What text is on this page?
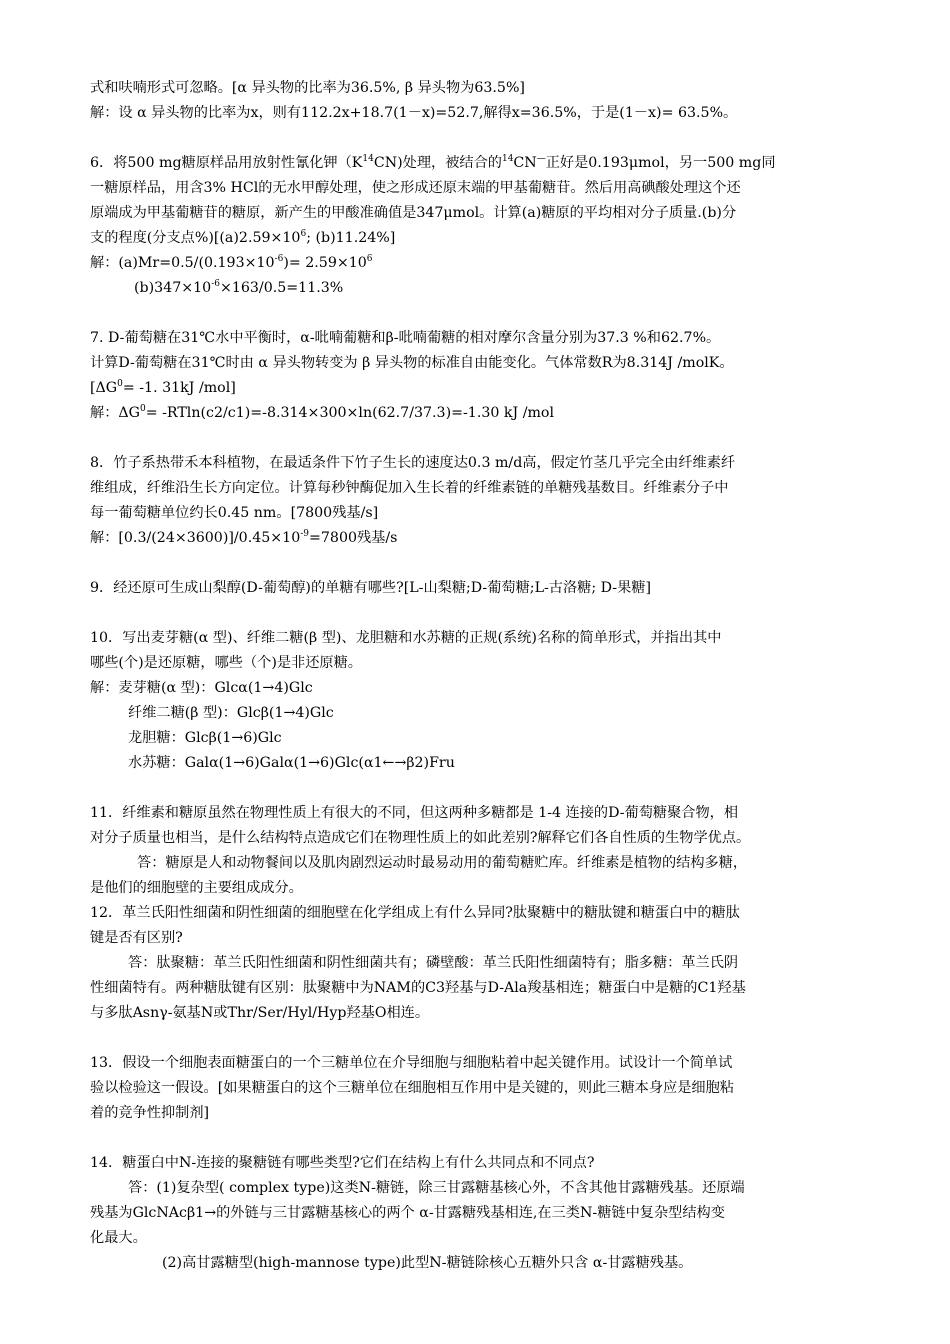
式和呋喃形式可忽略。[α 异头物的比率为36.5%, β 异头物为63.5%]
解：设 α 异头物的比率为x，则有112.2x+18.7(1－x)=52.7,解得x=36.5%，于是(1－x)= 63.5%。
6．将500 mg糖原样品用放射性氰化钾$(K^{14}CN)$处理，被结合的$^{14}$CN—正好是0.193μmol，另一500 mg同
一糖原样品，用含3% HCl的无水甲醇处理，使之形成还原末端的甲基葡糖苷。然后用高碘酸处理这个还
原端成为甲基葡糖苷的糖原，新产生的甲酸准确值是347μmol。计算(a)糖原的平均相对分子质量.(b)分
支的程度(分支点$\%)[(a)2.59\times 10^6$; (b)11.24%]
解：$(a)Mr=0.5/(0.193\times 10^{-6})= 2.59\times 10^6$
$(b)347\times 10^{-6}\times 163/0.5=11.3\%$
7. D-葡萄糖在31℃水中平衡时，α-吡喃葡糖和β-吡喃葡糖的相对摩尔含量分别为37.3 %和62.7%。
计算D-葡萄糖在31℃时由 α 异头物转变为 β 异头物的标准自由能变化。气体常数R为8.314J /molK。
[$\Delta G^0= -1$. 31kJ /mol]
解：$\Delta G^0= -RTln(c2/c1)=-8.314\times 300\times\ln(62.7/37.3)=-1.30$ kJ /mol
8．竹子系热带禾本科植物，在最适条件下竹子生长的速度达0.3 m/d高，假定竹茎几乎完全由纤维素纤
维组成，纤维沿生长方向定位。计算每秒钟酶促加入生长着的纤维素链的单糖残基数目。纤维素分子中
每一葡萄糖单位约长0.45 nm。[7800残基/s]
解：$[0.3/(24\times 3600)]/0.45\times 10^{-9}=7800$残基/s
9．经还原可生成山梨醇(D-葡萄醇)的单糖有哪些?[L-山梨糖;D-葡萄糖;L-古洛糖; D-果糖]
10．写出麦芽糖(α 型)、纤维二糖(β 型)、龙胆糖和水苏糖的正规(系统)名称的简单形式，并指出其中
哪些(个)是还原糖，哪些（个)是非还原糖。
解：麦芽糖(α 型)：Glcα(1→4)Glc
纤维二糖(β 型)：Glcβ(1→4)Glc
龙胆糖：Glcβ(1→6)Glc
水苏糖：Galα(1→6)Galα(1→6)Glc(α1←→β2)Fru
11．纤维素和糖原虽然在物理性质上有很大的不同，但这两种多糖都是 1-4 连接的D-葡萄糖聚合物，相
对分子质量也相当，是什么结构特点造成它们在物理性质上的如此差别?解释它们各自性质的生物学优点。
答：糖原是人和动物餐间以及肌肉剧烈运动时最易动用的葡萄糖贮库。纤维素是植物的结构多糖，
是他们的细胞壁的主要组成成分。
12．革兰氏阳性细菌和阴性细菌的细胞壁在化学组成上有什么异同?肽聚糖中的糖肽键和糖蛋白中的糖肽
键是否有区别?
答：肽聚糖：革兰氏阳性细菌和阴性细菌共有；磷壁酸：革兰氏阳性细菌特有；脂多糖：革兰氏阴
性细菌特有。两种糖肽键有区别：肽聚糖中为NAM的C3羟基与D-Ala羧基相连；糖蛋白中是糖的C1羟基
与多肽Asnγ-氨基N或Thr/Ser/Hyl/Hyp羟基O相连。
13．假设一个细胞表面糖蛋白的一个三糖单位在介导细胞与细胞粘着中起关键作用。试设计一个简单试
验以检验这一假设。[如果糖蛋白的这个三糖单位在细胞相互作用中是关键的，则此三糖本身应是细胞粘
着的竞争性抑制剂]
14．糖蛋白中N-连接的聚糖链有哪些类型?它们在结构上有什么共同点和不同点?
答：(1)复杂型( complex type)这类N-糖链，除三甘露糖基核心外，不含其他甘露糖残基。还原端
残基为GlcNAcβ1→的外链与三甘露糖基核心的两个 α-甘露糖残基相连,在三类N-糖链中复杂型结构变
化最大。
(2)高甘露糖型(high-mannose type)此型N-糖链除核心五糖外只含 α-甘露糖残基。
